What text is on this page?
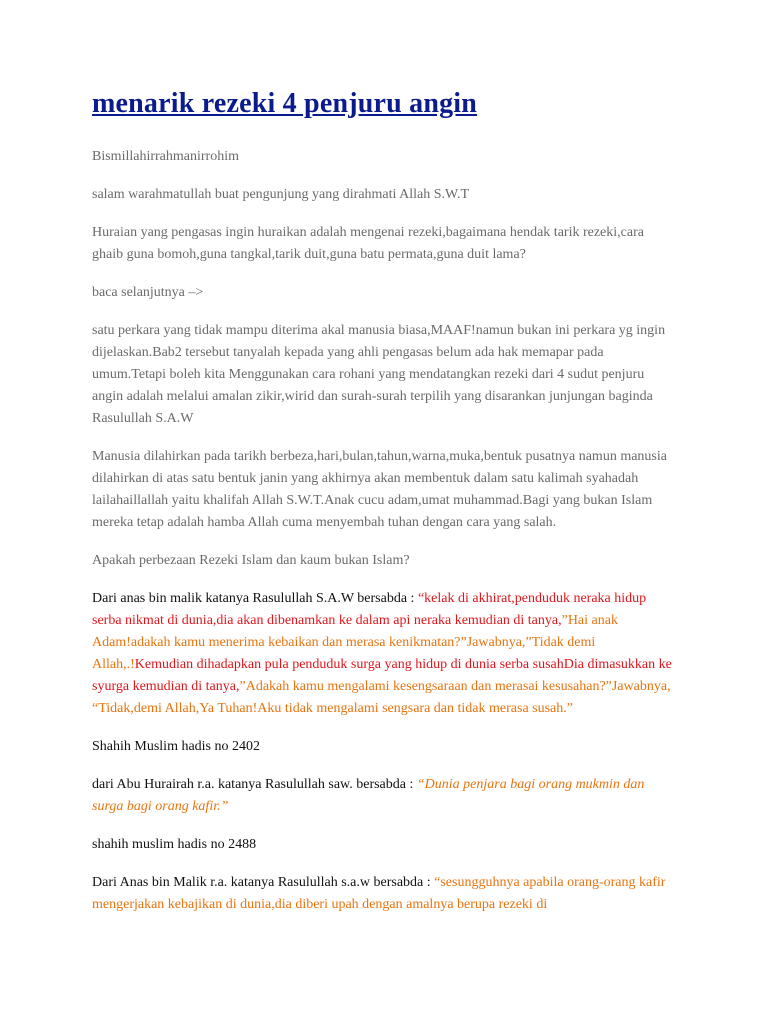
menarik rezeki 4 penjuru angin

Bismillahirrahmanirrohim

salam warahmatullah buat pengunjung yang dirahmati Allah S.W.T

Huraian yang pengasas ingin huraikan adalah mengenai rezeki,bagaimana hendak tarik rezeki,cara ghaib guna bomoh,guna tangkal,tarik duit,guna batu permata,guna duit lama?

baca selanjutnya –>

satu perkara yang tidak mampu diterima akal manusia biasa,MAAF!namun bukan ini perkara yg ingin dijelaskan.Bab2 tersebut tanyalah kepada yang ahli pengasas belum ada hak memapar pada umum.Tetapi boleh kita Menggunakan cara rohani yang mendatangkan rezeki dari 4 sudut penjuru angin adalah melalui amalan zikir,wirid dan surah-surah terpilih yang disarankan junjungan baginda Rasulullah S.A.W

Manusia dilahirkan pada tarikh berbeza,hari,bulan,tahun,warna,muka,bentuk pusatnya namun manusia dilahirkan di atas satu bentuk janin yang akhirnya akan membentuk dalam satu kalimah syahadah lailahaillallah yaitu khalifah Allah S.W.T.Anak cucu adam,umat muhammad.Bagi yang bukan Islam mereka tetap adalah hamba Allah cuma menyembah tuhan dengan cara yang salah.

Apakah perbezaan Rezeki Islam dan kaum bukan Islam?

Dari anas bin malik katanya Rasulullah S.A.W bersabda : “kelak di akhirat,penduduk neraka hidup serba nikmat di dunia,dia akan dibenamkan ke dalam api neraka kemudian di tanya,”Hai anak Adam!adakah kamu menerima kebaikan dan merasa kenikmatan?”Jawabnya,”Tidak demi Allah,.!Kemudian dihadapkan pula penduduk surga yang hidup di dunia serba susahDia dimasukkan ke syurga kemudian di tanya,”Adakah kamu mengalami kesengsaraan dan merasai kesusahan?”Jawabnya, “Tidak,demi Allah,Ya Tuhan!Aku tidak mengalami sengsara dan tidak merasa susah.”

Shahih Muslim hadis no 2402

dari Abu Hurairah r.a. katanya Rasulullah saw. bersabda : “Dunia penjara bagi orang mukmin dan surga bagi orang kafir.”

shahih muslim hadis no 2488

Dari Anas bin Malik r.a. katanya Rasulullah s.a.w bersabda : “sesungguhnya apabila orang-orang kafir mengerjakan kebajikan di dunia,dia diberi upah dengan amalnya berupa rezeki di
